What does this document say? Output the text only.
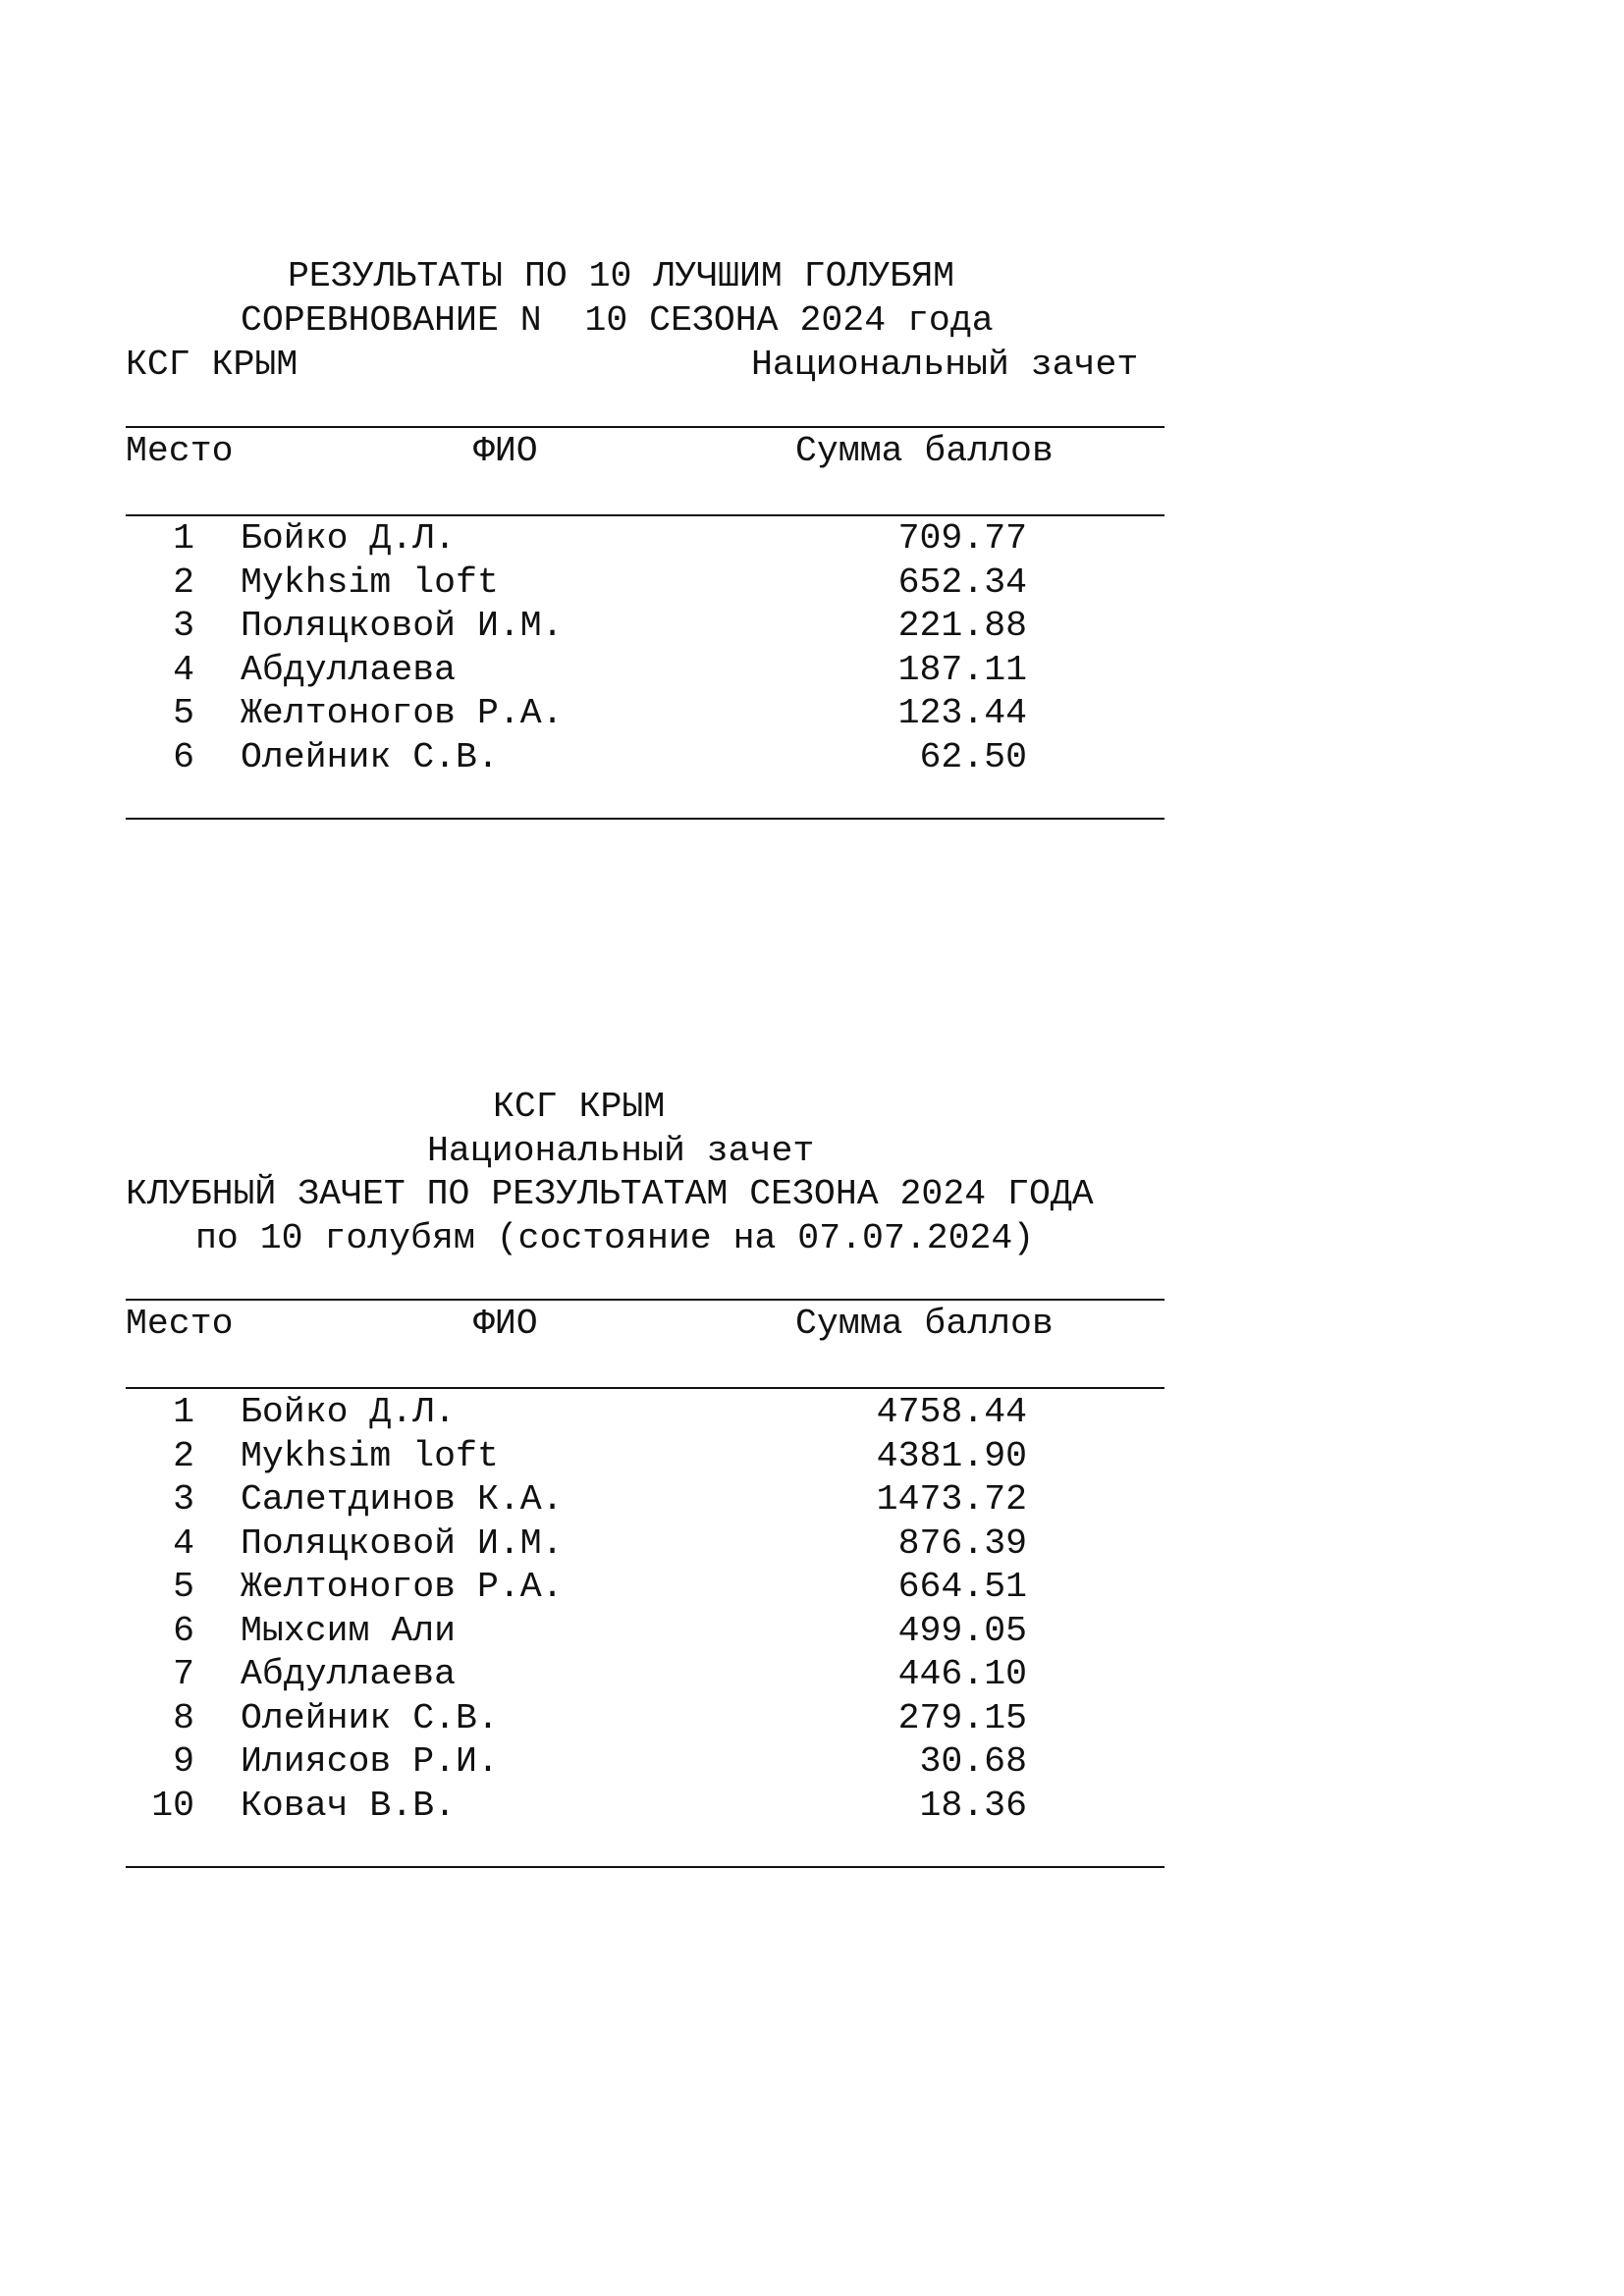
РЕЗУЛЬТАТЫ ПО 10 ЛУЧШИМ ГОЛУБЯМ
СОРЕВНОВАНИЕ N  10 СЕЗОНА 2024 года
КСГ КРЫМ	Национальный зачет
Место	ФИО	Сумма баллов
1 Бойко Д.Л.	709.77
2 Mykhsim loft	652.34
3 Поляцковой И.М.	221.88
4 Абдуллаева	187.11
5 Желтоногов Р.А.	123.44
6 Олейник С.В.	62.50
КСГ КРЫМ
Национальный зачет
КЛУБНЫЙ ЗАЧЕТ ПО РЕЗУЛЬТАТАМ СЕЗОНА 2024 ГОДА
по 10 голубям (состояние на 07.07.2024)
Место	ФИО	Сумма баллов
1 Бойко Д.Л.	4758.44
2 Mykhsim loft	4381.90
3 Салетдинов К.А.	1473.72
4 Поляцковой И.М.	876.39
5 Желтоногов Р.А.	664.51
6 Мыхсим Али	499.05
7 Абдуллаева	446.10
8 Олейник С.В.	279.15
9 Илиясов Р.И.	30.68
10 Ковач В.В.	18.36
